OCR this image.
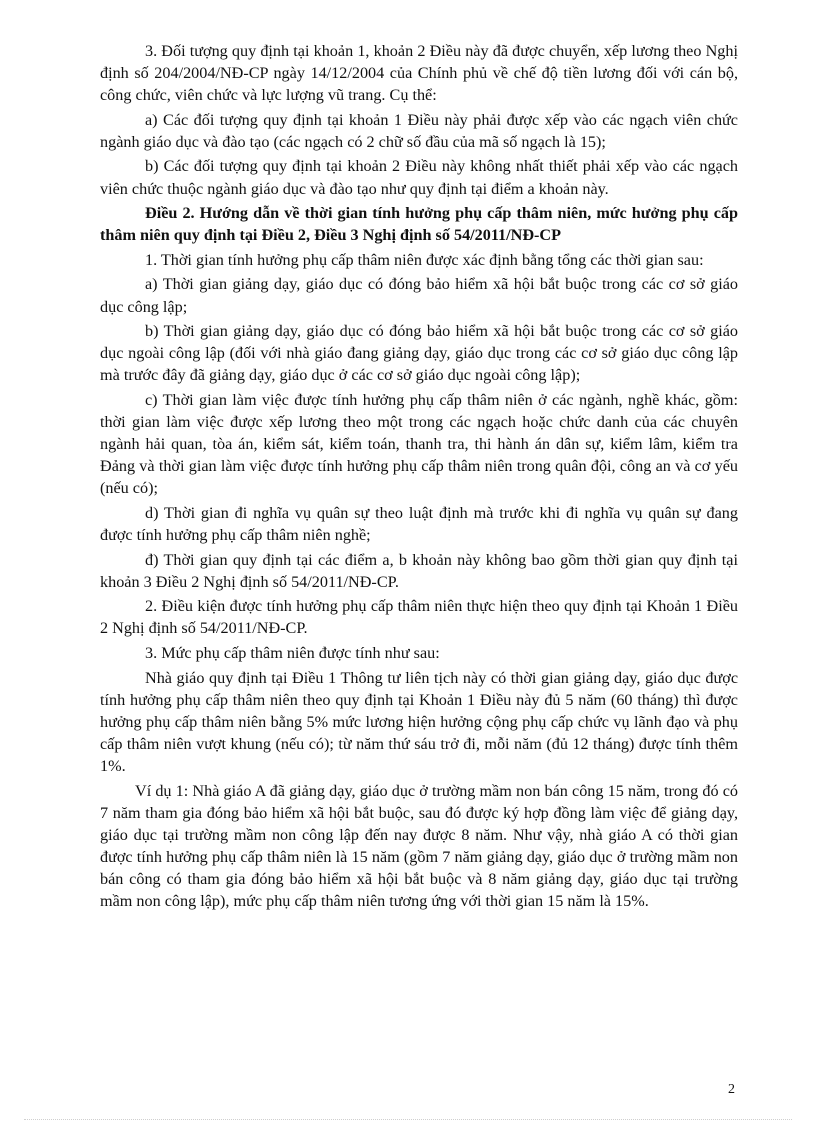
3. Đối tượng quy định tại khoản 1, khoản 2 Điều này đã được chuyển, xếp lương theo Nghị định số 204/2004/NĐ-CP ngày 14/12/2004 của Chính phủ về chế độ tiền lương đối với cán bộ, công chức, viên chức và lực lượng vũ trang. Cụ thể:

a) Các đối tượng quy định tại khoản 1 Điều này phải được xếp vào các ngạch viên chức ngành giáo dục và đào tạo (các ngạch có 2 chữ số đầu của mã số ngạch là 15);

b) Các đối tượng quy định tại khoản 2 Điều này không nhất thiết phải xếp vào các ngạch viên chức thuộc ngành giáo dục và đào tạo như quy định tại điểm a khoản này.

Điều 2. Hướng dẫn về thời gian tính hưởng phụ cấp thâm niên, mức hưởng phụ cấp thâm niên quy định tại Điều 2, Điều 3 Nghị định số 54/2011/NĐ-CP

1. Thời gian tính hưởng phụ cấp thâm niên được xác định bằng tổng các thời gian sau:

a) Thời gian giảng dạy, giáo dục có đóng bảo hiểm xã hội bắt buộc trong các cơ sở giáo dục công lập;

b) Thời gian giảng dạy, giáo dục có đóng bảo hiểm xã hội bắt buộc trong các cơ sở giáo dục ngoài công lập (đối với nhà giáo đang giảng dạy, giáo dục trong các cơ sở giáo dục công lập mà trước đây đã giảng dạy, giáo dục ở các cơ sở giáo dục ngoài công lập);

c) Thời gian làm việc được tính hưởng phụ cấp thâm niên ở các ngành, nghề khác, gồm: thời gian làm việc được xếp lương theo một trong các ngạch hoặc chức danh của các chuyên ngành hải quan, tòa án, kiểm sát, kiểm toán, thanh tra, thi hành án dân sự, kiểm lâm, kiểm tra Đảng và thời gian làm việc được tính hưởng phụ cấp thâm niên trong quân đội, công an và cơ yếu (nếu có);

d) Thời gian đi nghĩa vụ quân sự theo luật định mà trước khi đi nghĩa vụ quân sự đang được tính hưởng phụ cấp thâm niên nghề;

đ) Thời gian quy định tại các điểm a, b khoản này không bao gồm thời gian quy định tại khoản 3 Điều 2 Nghị định số 54/2011/NĐ-CP.

2. Điều kiện được tính hưởng phụ cấp thâm niên thực hiện theo quy định tại Khoản 1 Điều 2 Nghị định số 54/2011/NĐ-CP.

3. Mức phụ cấp thâm niên được tính như sau:

Nhà giáo quy định tại Điều 1 Thông tư liên tịch này có thời gian giảng dạy, giáo dục được tính hưởng phụ cấp thâm niên theo quy định tại Khoản 1 Điều này đủ 5 năm (60 tháng) thì được hưởng phụ cấp thâm niên bằng 5% mức lương hiện hưởng cộng phụ cấp chức vụ lãnh đạo và phụ cấp thâm niên vượt khung (nếu có); từ năm thứ sáu trở đi, mỗi năm (đủ 12 tháng) được tính thêm 1%.

Ví dụ 1: Nhà giáo A đã giảng dạy, giáo dục ở trường mầm non bán công 15 năm, trong đó có 7 năm tham gia đóng bảo hiểm xã hội bắt buộc, sau đó được ký hợp đồng làm việc để giảng dạy, giáo dục tại trường mầm non công lập đến nay được 8 năm. Như vậy, nhà giáo A có thời gian được tính hưởng phụ cấp thâm niên là 15 năm (gồm 7 năm giảng dạy, giáo dục ở trường mầm non bán công có tham gia đóng bảo hiểm xã hội bắt buộc và 8 năm giảng dạy, giáo dục tại trường mầm non công lập), mức phụ cấp thâm niên tương ứng với thời gian 15 năm là 15%.

2
